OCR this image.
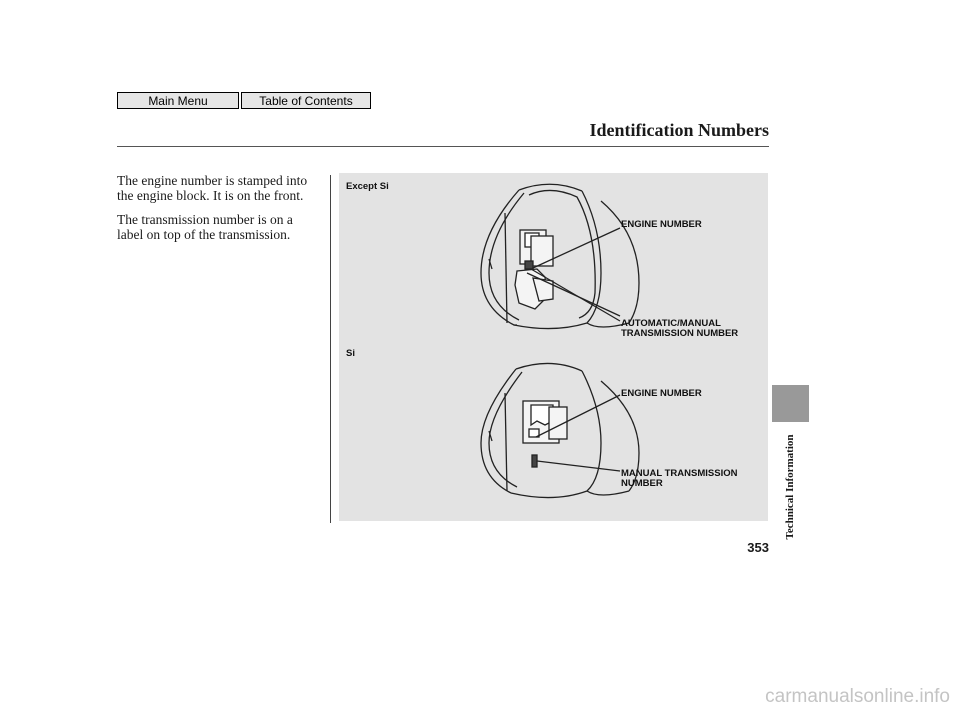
Main Menu	Table of Contents
Identification Numbers

The engine number is stamped into the engine block. It is on the front.

The transmission number is on a label on top of the transmission.

Except Si
ENGINE NUMBER
AUTOMATIC/MANUAL
TRANSMISSION NUMBER
Si
ENGINE NUMBER
MANUAL TRANSMISSION
NUMBER	Technical Information
353
carmanualsonline.info
